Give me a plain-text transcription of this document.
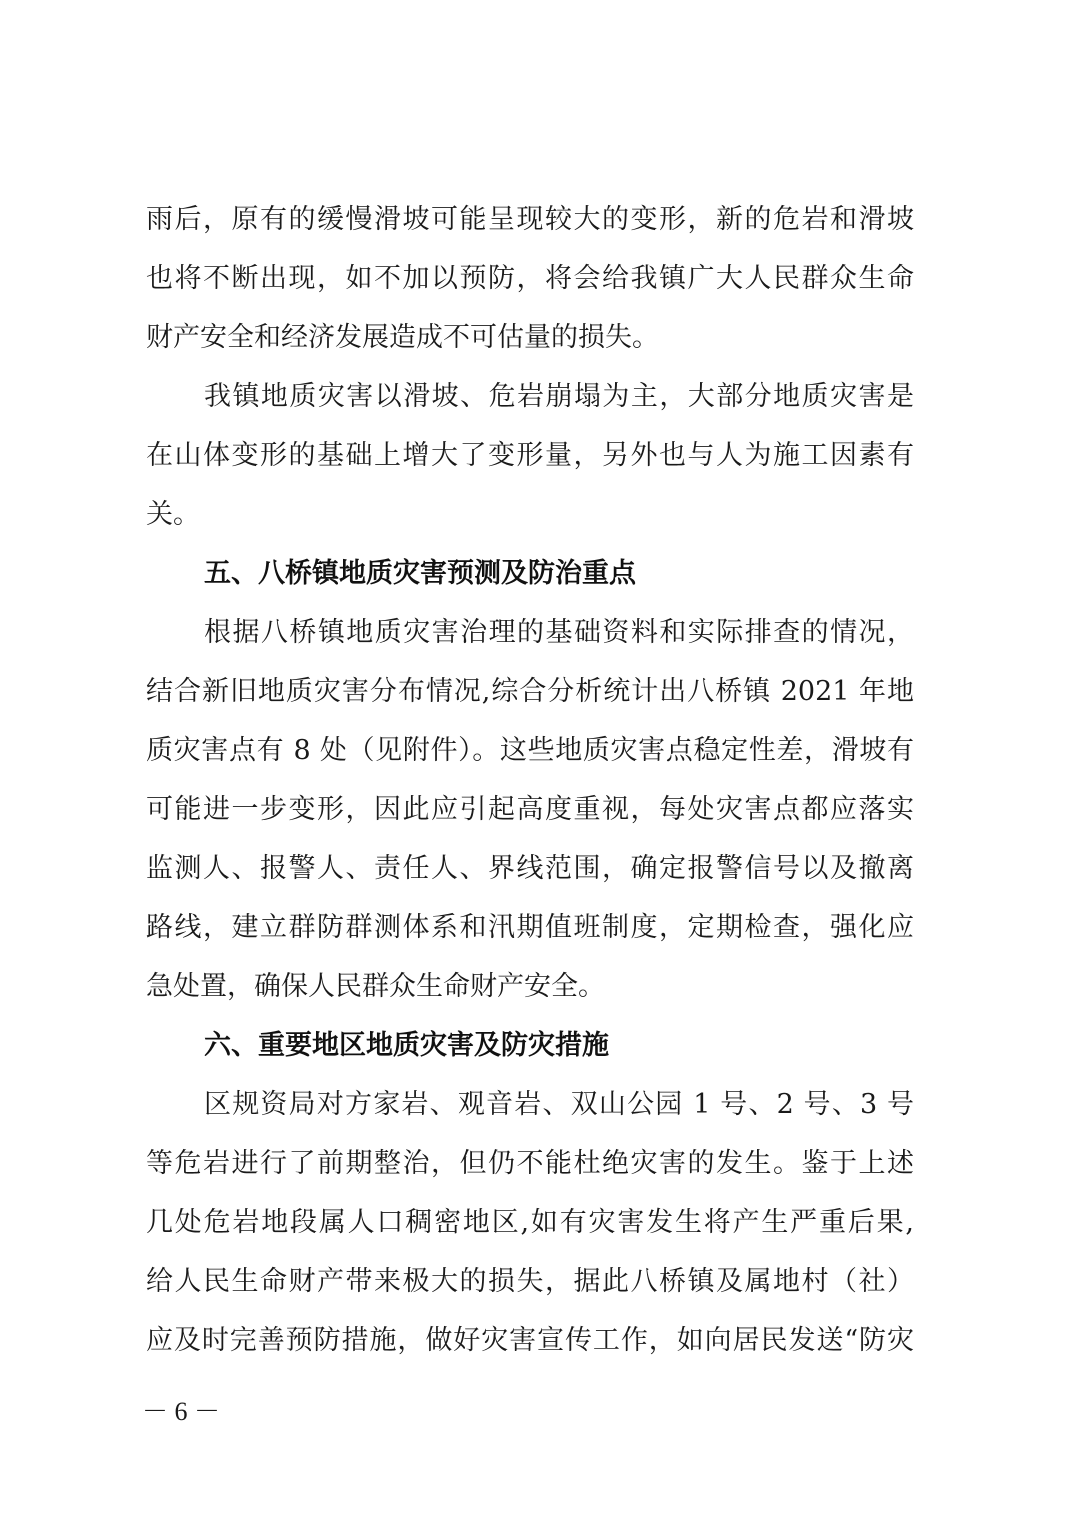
雨后，原有的缓慢滑坡可能呈现较大的变形，新的危岩和滑坡
也将不断出现，如不加以预防，将会给我镇广大人民群众生命
财产安全和经济发展造成不可估量的损失。
我镇地质灾害以滑坡、危岩崩塌为主，大部分地质灾害是
在山体变形的基础上增大了变形量，另外也与人为施工因素有
关。
五、八桥镇地质灾害预测及防治重点
根据八桥镇地质灾害治理的基础资料和实际排查的情况，
结合新旧地质灾害分布情况,综合分析统计出八桥镇 2021 年地
质灾害点有 8 处（见附件）。这些地质灾害点稳定性差，滑坡有
可能进一步变形，因此应引起高度重视，每处灾害点都应落实
监测人、报警人、责任人、界线范围，确定报警信号以及撤离
路线，建立群防群测体系和汛期值班制度，定期检查，强化应
急处置，确保人民群众生命财产安全。
六、重要地区地质灾害及防灾措施
区规资局对方家岩、观音岩、双山公园 1 号、2 号、3 号
等危岩进行了前期整治，但仍不能杜绝灾害的发生。鉴于上述
几处危岩地段属人口稠密地区,如有灾害发生将产生严重后果,
给人民生命财产带来极大的损失，据此八桥镇及属地村（社）
应及时完善预防措施，做好灾害宣传工作，如向居民发送“防灾
－ 6 －
